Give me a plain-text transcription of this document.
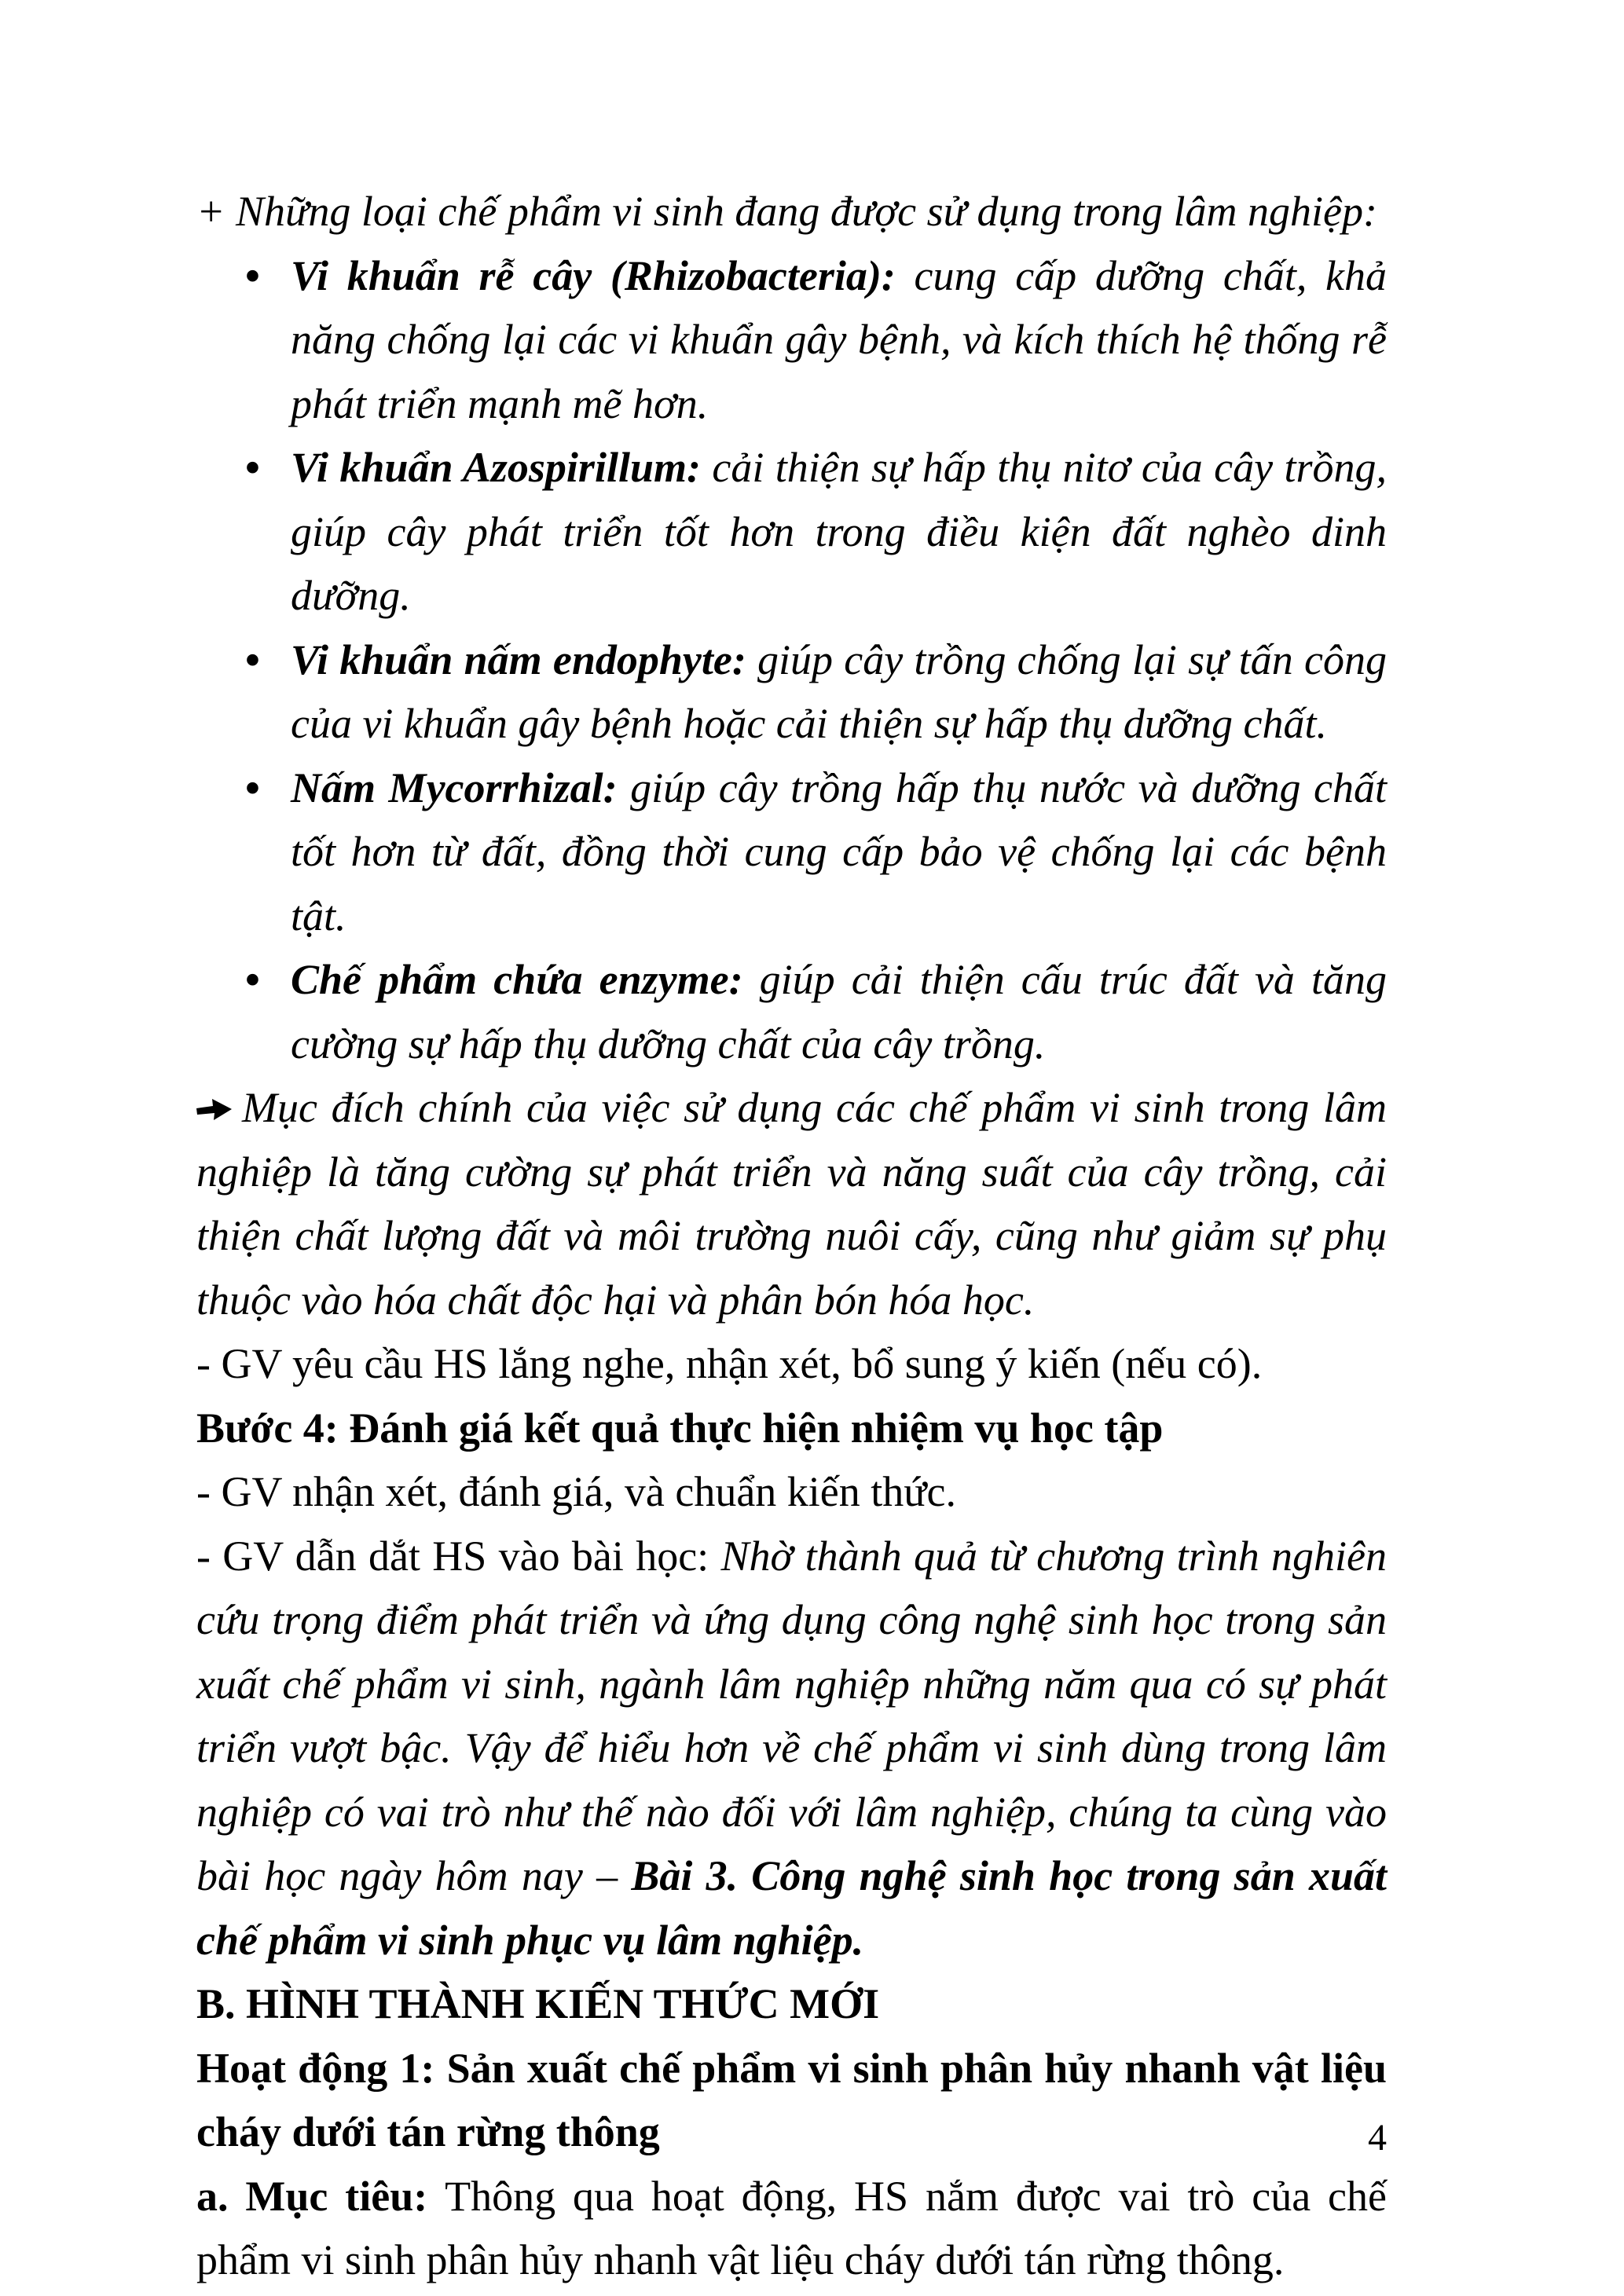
+ Những loại chế phẩm vi sinh đang được sử dụng trong lâm nghiệp:

• Vi khuẩn rễ cây (Rhizobacteria): cung cấp dưỡng chất, khả năng chống lại các vi khuẩn gây bệnh, và kích thích hệ thống rễ phát triển mạnh mẽ hơn.
• Vi khuẩn Azospirillum: cải thiện sự hấp thụ nitơ của cây trồng, giúp cây phát triển tốt hơn trong điều kiện đất nghèo dinh dưỡng.
• Vi khuẩn nấm endophyte: giúp cây trồng chống lại sự tấn công của vi khuẩn gây bệnh hoặc cải thiện sự hấp thụ dưỡng chất.
• Nấm Mycorrhizal: giúp cây trồng hấp thụ nước và dưỡng chất tốt hơn từ đất, đồng thời cung cấp bảo vệ chống lại các bệnh tật.
• Chế phẩm chứa enzyme: giúp cải thiện cấu trúc đất và tăng cường sự hấp thụ dưỡng chất của cây trồng.

Mục đích chính của việc sử dụng các chế phẩm vi sinh trong lâm nghiệp là tăng cường sự phát triển và năng suất của cây trồng, cải thiện chất lượng đất và môi trường nuôi cấy, cũng như giảm sự phụ thuộc vào hóa chất độc hại và phân bón hóa học.

- GV yêu cầu HS lắng nghe, nhận xét, bổ sung ý kiến (nếu có).

Bước 4: Đánh giá kết quả thực hiện nhiệm vụ học tập

- GV nhận xét, đánh giá, và chuẩn kiến thức.

- GV dẫn dắt HS vào bài học: Nhờ thành quả từ chương trình nghiên cứu trọng điểm phát triển và ứng dụng công nghệ sinh học trong sản xuất chế phẩm vi sinh, ngành lâm nghiệp những năm qua có sự phát triển vượt bậc. Vậy để hiểu hơn về chế phẩm vi sinh dùng trong lâm nghiệp có vai trò như thế nào đối với lâm nghiệp, chúng ta cùng vào bài học ngày hôm nay – Bài 3. Công nghệ sinh học trong sản xuất chế phẩm vi sinh phục vụ lâm nghiệp.

B. HÌNH THÀNH KIẾN THỨC MỚI

Hoạt động 1: Sản xuất chế phẩm vi sinh phân hủy nhanh vật liệu cháy dưới tán rừng thông

a. Mục tiêu: Thông qua hoạt động, HS nắm được vai trò của chế phẩm vi sinh phân hủy nhanh vật liệu cháy dưới tán rừng thông.

4
